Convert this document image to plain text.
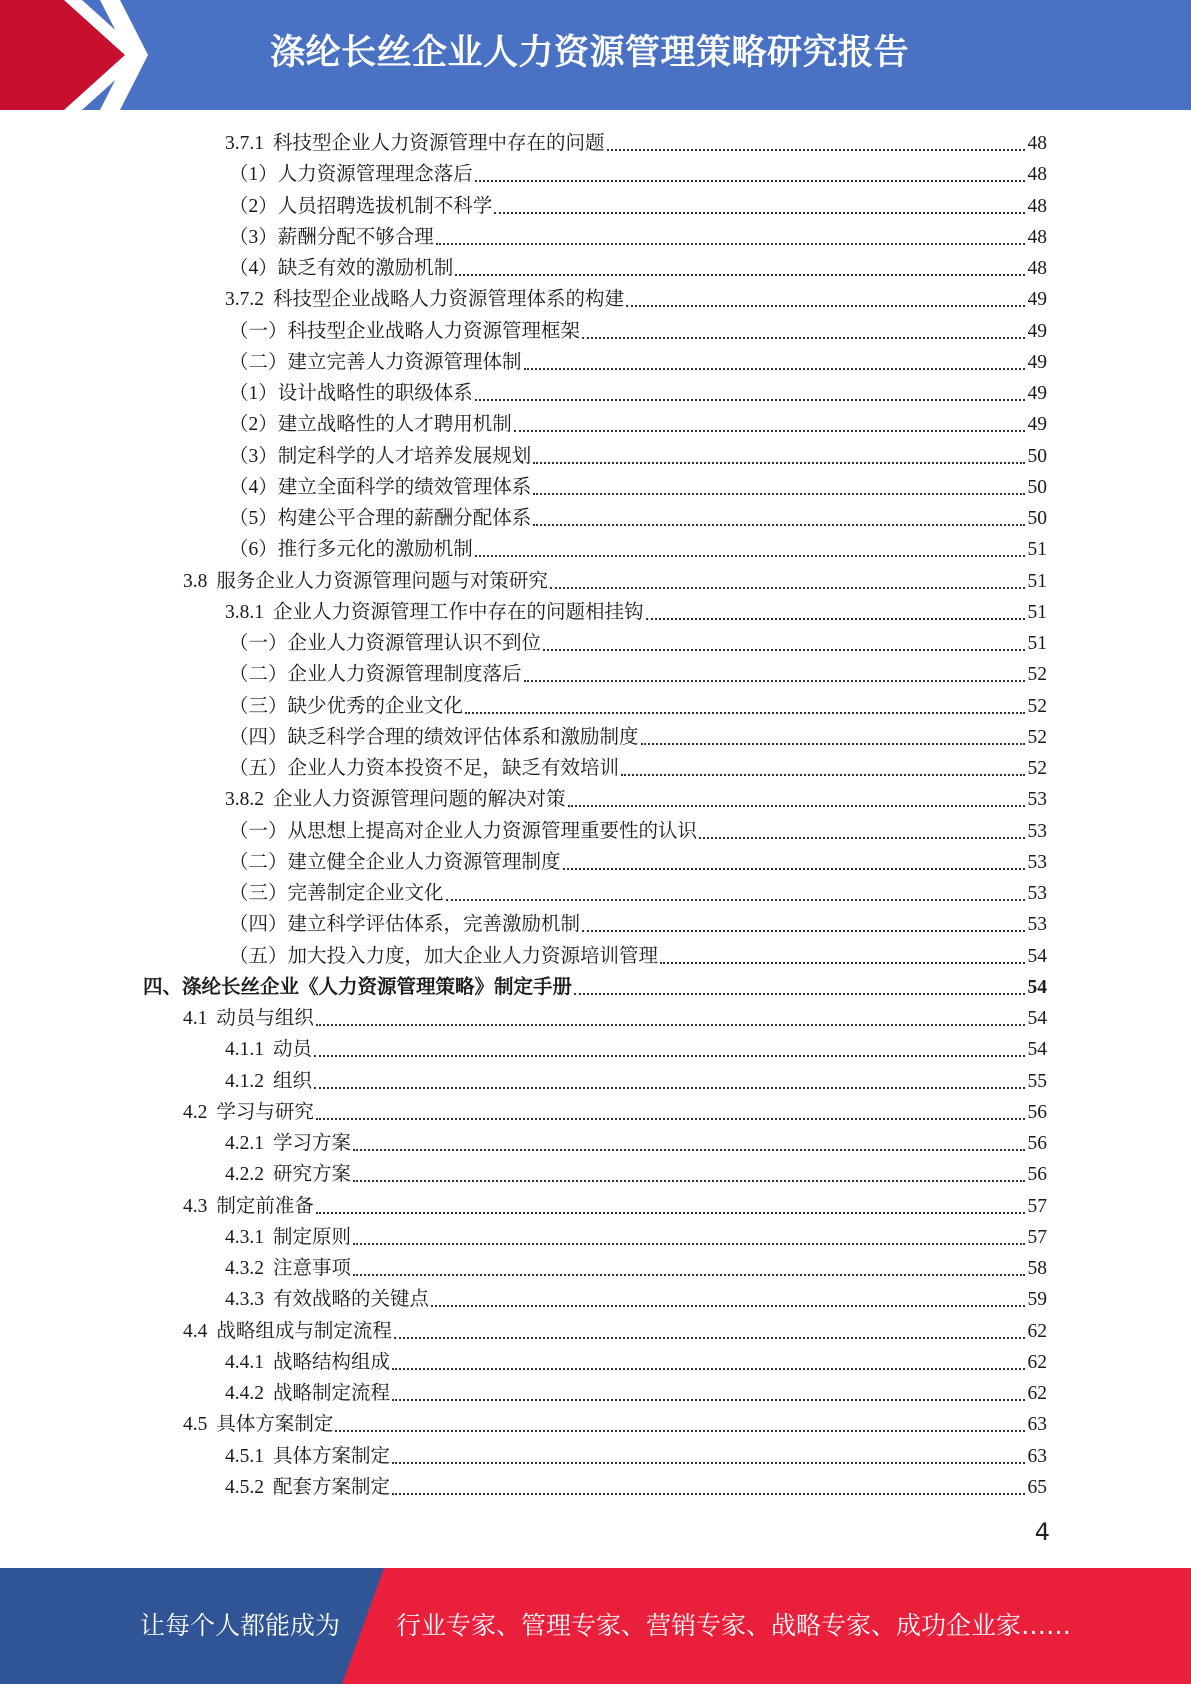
涤纶长丝企业人力资源管理策略研究报告
3.7.1 科技型企业人力资源管理中存在的问题	48
（1）人力资源管理理念落后	48
（2）人员招聘选拔机制不科学	48
（3）薪酬分配不够合理	48
（4）缺乏有效的激励机制	48
3.7.2 科技型企业战略人力资源管理体系的构建	49
（一）科技型企业战略人力资源管理框架	49
（二）建立完善人力资源管理体制	49
（1）设计战略性的职级体系	49
（2）建立战略性的人才聘用机制	49
（3）制定科学的人才培养发展规划	50
（4）建立全面科学的绩效管理体系	50
（5）构建公平合理的薪酬分配体系	50
（6）推行多元化的激励机制	51
3.8 服务企业人力资源管理问题与对策研究	51
3.8.1 企业人力资源管理工作中存在的问题相挂钩	51
（一）企业人力资源管理认识不到位	51
（二）企业人力资源管理制度落后	52
（三）缺少优秀的企业文化	52
（四）缺乏科学合理的绩效评估体系和激励制度	52
（五）企业人力资本投资不足，缺乏有效培训	52
3.8.2 企业人力资源管理问题的解决对策	53
（一）从思想上提高对企业人力资源管理重要性的认识	53
（二）建立健全企业人力资源管理制度	53
（三）完善制定企业文化	53
（四）建立科学评估体系，完善激励机制	53
（五）加大投入力度，加大企业人力资源培训管理	54
四、涤纶长丝企业《人力资源管理策略》制定手册	54
4.1 动员与组织	54
4.1.1 动员	54
4.1.2 组织	55
4.2 学习与研究	56
4.2.1 学习方案	56
4.2.2 研究方案	56
4.3 制定前准备	57
4.3.1 制定原则	57
4.3.2 注意事项	58
4.3.3 有效战略的关键点	59
4.4 战略组成与制定流程	62
4.4.1 战略结构组成	62
4.4.2 战略制定流程	62
4.5 具体方案制定	63
4.5.1 具体方案制定	63
4.5.2 配套方案制定	65
4
让每个人都能成为 行业专家、管理专家、营销专家、战略专家、成功企业家……
